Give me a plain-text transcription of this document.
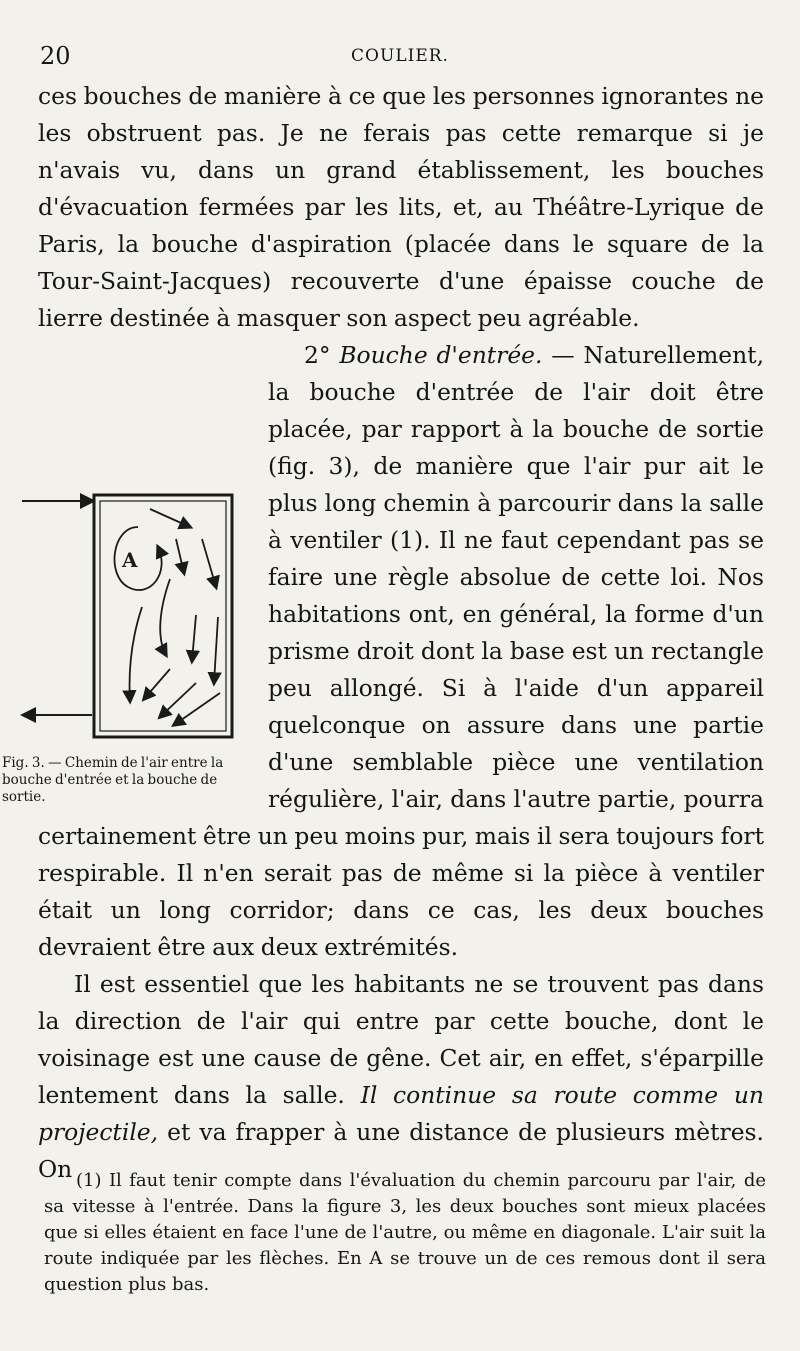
20	COULIER.

ces bouches de manière à ce que les personnes ignorantes ne les obstruent pas. Je ne ferais pas cette remarque si je n'avais vu, dans un grand établissement, les bouches d'évacuation fermées par les lits, et, au Théâtre-Lyrique de Paris, la bouche d'aspiration (placée dans le square de la Tour-Saint-Jacques) recouverte d'une épaisse couche de lierre destinée à masquer son aspect peu agréable.

A
Fig. 3. — Chemin de l'air entre la bouche d'entrée et la bouche de sortie.
2° Bouche d'entrée. — Naturellement, la bouche d'entrée de l'air doit être placée, par rapport à la bouche de sortie (fig. 3), de manière que l'air pur ait le plus long chemin à parcourir dans la salle à ventiler (1). Il ne faut cependant pas se faire une règle absolue de cette loi. Nos habitations ont, en général, la forme d'un prisme droit dont la base est un rectangle peu allongé. Si à l'aide d'un appareil quelconque on assure dans une partie d'une semblable pièce une ventilation régulière, l'air, dans l'autre partie, pourra certainement être un peu moins pur, mais il sera toujours fort respirable. Il n'en serait pas de même si la pièce à ventiler était un long corridor; dans ce cas, les deux bouches devraient être aux deux extrémités.

Il est essentiel que les habitants ne se trouvent pas dans la direction de l'air qui entre par cette bouche, dont le voisinage est une cause de gêne. Cet air, en effet, s'éparpille lentement dans la salle. Il continue sa route comme un projectile, et va frapper à une distance de plusieurs mètres. On (1) Il faut tenir compte dans l'évaluation du chemin parcouru par l'air, de sa vitesse à l'entrée. Dans la figure 3, les deux bouches sont mieux placées que si elles étaient en face l'une de l'autre, ou même en diagonale. L'air suit la route indiquée par les flèches. En A se trouve un de ces remous dont il sera question plus bas.
